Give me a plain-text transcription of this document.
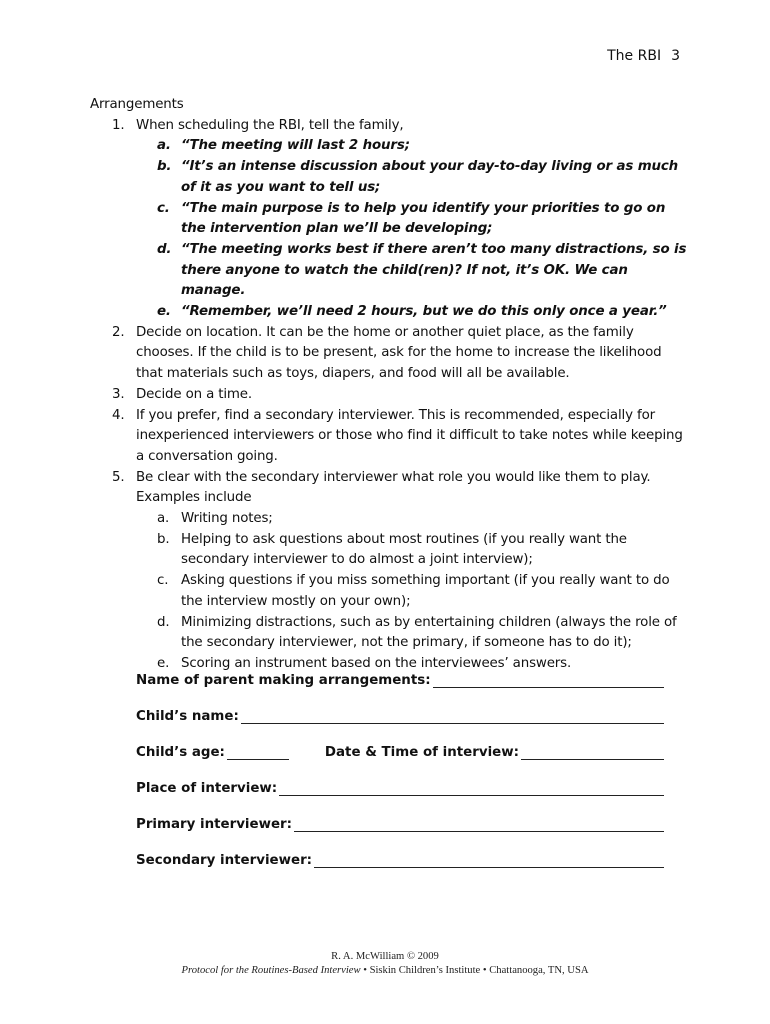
The RBI 3
Arrangements
1. When scheduling the RBI, tell the family,
a. “The meeting will last 2 hours;
b. “It’s an intense discussion about your day-to-day living or as much of it as you want to tell us;
c. “The main purpose is to help you identify your priorities to go on the intervention plan we’ll be developing;
d. “The meeting works best if there aren’t too many distractions, so is there anyone to watch the child(ren)? If not, it’s OK. We can manage.
e. “Remember, we’ll need 2 hours, but we do this only once a year.”
2. Decide on location. It can be the home or another quiet place, as the family chooses. If the child is to be present, ask for the home to increase the likelihood that materials such as toys, diapers, and food will all be available.
3. Decide on a time.
4. If you prefer, find a secondary interviewer. This is recommended, especially for inexperienced interviewers or those who find it difficult to take notes while keeping a conversation going.
5. Be clear with the secondary interviewer what role you would like them to play. Examples include
a. Writing notes;
b. Helping to ask questions about most routines (if you really want the secondary interviewer to do almost a joint interview);
c. Asking questions if you miss something important (if you really want to do the interview mostly on your own);
d. Minimizing distractions, such as by entertaining children (always the role of the secondary interviewer, not the primary, if someone has to do it);
e. Scoring an instrument based on the interviewees’ answers.
Name of parent making arrangements:
Child’s name:
Child’s age:	Date & Time of interview:
Place of interview:
Primary interviewer:
Secondary interviewer:
R. A. McWilliam © 2009
Protocol for the Routines-Based Interview • Siskin Children’s Institute • Chattanooga, TN, USA
